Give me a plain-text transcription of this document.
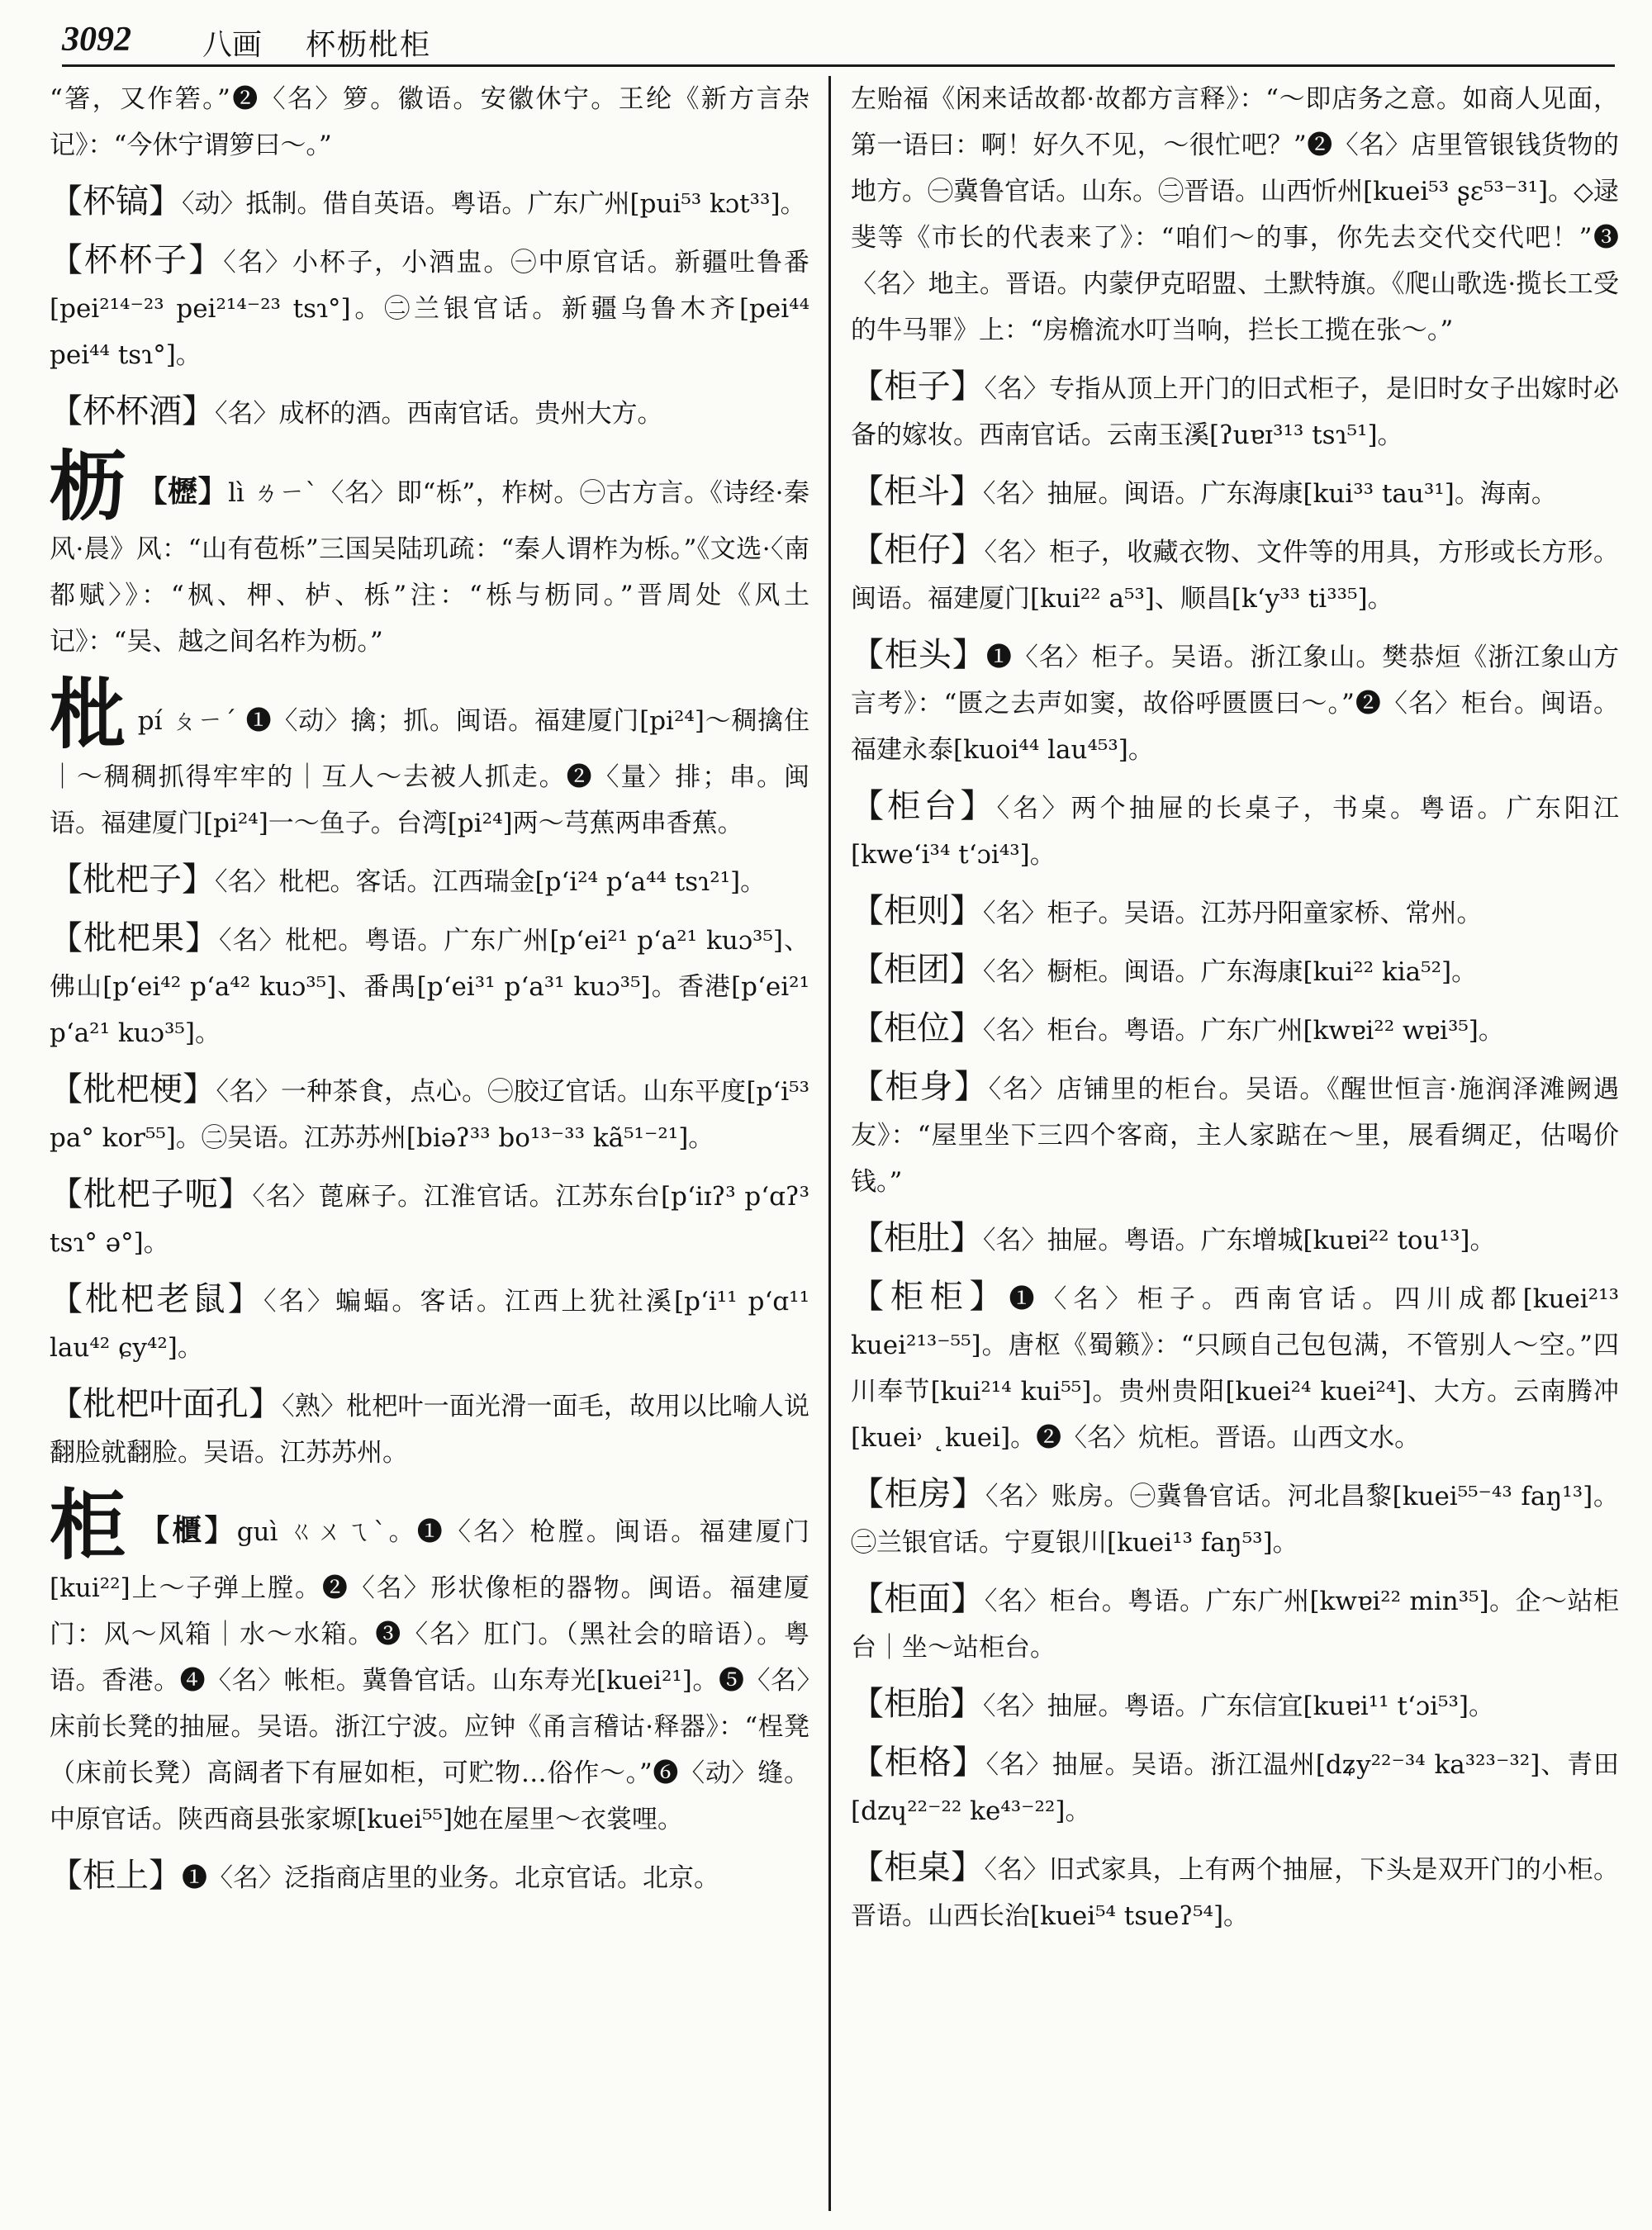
3092 八画 杯枥枇柜

“箸，又作箬。”❷〈名〉箩。徽语。安徽休宁。王纶《新方言杂记》：“今休宁谓箩曰～。”

【杯镐】〈动〉抵制。借自英语。粤语。广东广州[pui⁵³ kɔt³³]。

【杯杯子】〈名〉小杯子，小酒盅。㊀中原官话。新疆吐鲁番[pei²¹⁴⁻²³ pei²¹⁴⁻²³ tsɿ°]。㊁兰银官话。新疆乌鲁木齐[pei⁴⁴ pei⁴⁴ tsɿ°]。

【杯杯酒】〈名〉成杯的酒。西南官话。贵州大方。

枥 【櫪】lì ㄌㄧˋ〈名〉即“栎”，柞树。㊀古方言。《诗经·秦风·晨》风：“山有苞栎”三国吴陆玑疏：“秦人谓柞为栎。”《文选·〈南都赋〉》：“枫、柙、栌、栎”注：“栎与枥同。”晋周处《风土记》：“吴、越之间名柞为枥。”

枇pí ㄆㄧˊ ❶〈动〉擒；抓。闽语。福建厦门[pi²⁴]～稠擒住｜～稠稠抓得牢牢的｜互人～去被人抓走。❷〈量〉排；串。闽语。福建厦门[pi²⁴]一～鱼子。台湾[pi²⁴]两～芎蕉两串香蕉。

【枇杷子】〈名〉枇杷。客话。江西瑞金[p‘i²⁴ p‘a⁴⁴ tsɿ²¹]。

【枇杷果】〈名〉枇杷。粤语。广东广州[p‘ei²¹ p‘a²¹ kuɔ³⁵]、佛山[p‘ei⁴² p‘a⁴² kuɔ³⁵]、番禺[p‘ei³¹ p‘a³¹ kuɔ³⁵]。香港[p‘ei²¹ p‘a²¹ kuɔ³⁵]。

【枇杷梗】〈名〉一种茶食，点心。㊀胶辽官话。山东平度[p‘i⁵³ pa° kor⁵⁵]。㊁吴语。江苏苏州[biəʔ³³ bo¹³⁻³³ kã⁵¹⁻²¹]。

【枇杷子呃】〈名〉蓖麻子。江淮官话。江苏东台[p‘iɪʔ³ p‘ɑʔ³ tsɿ° ə°]。

【枇杷老鼠】〈名〉蝙蝠。客话。江西上犹社溪[p‘i¹¹ p‘ɑ¹¹ lau⁴² ɕy⁴²]。

【枇杷叶面孔】〈熟〉枇杷叶一面光滑一面毛，故用以比喻人说翻脸就翻脸。吴语。江苏苏州。

柜 【櫃】guì ㄍㄨㄟˋ。❶〈名〉枪膛。闽语。福建厦门[kui²²]上～子弹上膛。❷〈名〉形状像柜的器物。闽语。福建厦门：风～风箱｜水～水箱。❸〈名〉肛门。（黑社会的暗语）。粤语。香港。❹〈名〉帐柜。冀鲁官话。山东寿光[kuei²¹]。❺〈名〉床前长凳的抽屉。吴语。浙江宁波。应钟《甬言稽诂·释器》：“桯凳（床前长凳）高阔者下有屉如柜，可贮物…俗作～。”❻〈动〉缝。中原官话。陕西商县张家塬[kuei⁵⁵]她在屋里～衣裳哩。

【柜上】❶〈名〉泛指商店里的业务。北京官话。北京。

左贻福《闲来话故都·故都方言释》：“～即店务之意。如商人见面，第一语曰：啊！好久不见，～很忙吧？”❷〈名〉店里管银钱货物的地方。㊀冀鲁官话。山东。㊁晋语。山西忻州[kuei⁵³ ʂɛ⁵³⁻³¹]。◇逯斐等《市长的代表来了》：“咱们～的事，你先去交代交代吧！”❸〈名〉地主。晋语。内蒙伊克昭盟、土默特旗。《爬山歌选·揽长工受的牛马罪》上：“房檐流水叮当响，拦长工揽在张～。”

【柜子】〈名〉专指从顶上开门的旧式柜子，是旧时女子出嫁时必备的嫁妆。西南官话。云南玉溪[ʔuɐɪ³¹³ tsɿ⁵¹]。

【柜斗】〈名〉抽屉。闽语。广东海康[kui³³ tau³¹]。海南。

【柜仔】〈名〉柜子，收藏衣物、文件等的用具，方形或长方形。闽语。福建厦门[kui²² a⁵³]、顺昌[k‘y³³ ti³³⁵]。

【柜头】❶〈名〉柜子。吴语。浙江象山。樊恭烜《浙江象山方言考》：“匮之去声如窦，故俗呼匮匮曰～。”❷〈名〉柜台。闽语。福建永泰[kuoi⁴⁴ lau⁴⁵³]。

【柜台】〈名〉两个抽屉的长桌子，书桌。粤语。广东阳江[kwe‘i³⁴ t‘ɔi⁴³]。

【柜则】〈名〉柜子。吴语。江苏丹阳童家桥、常州。

【柜团】〈名〉橱柜。闽语。广东海康[kui²² kia⁵²]。

【柜位】〈名〉柜台。粤语。广东广州[kwɐi²² wɐi³⁵]。

【柜身】〈名〉店铺里的柜台。吴语。《醒世恒言·施润泽滩阙遇友》：“屋里坐下三四个客商，主人家踮在～里，展看绸疋，估喝价钱。”

【柜肚】〈名〉抽屉。粤语。广东增城[kuɐi²² tou¹³]。

【柜柜】❶〈名〉柜子。西南官话。四川成都[kuei²¹³ kuei²¹³⁻⁵⁵]。唐枢《蜀籁》：“只顾自己包包满，不管别人～空。”四川奉节[kui²¹⁴ kui⁵⁵]。贵州贵阳[kuei²⁴ kuei²⁴]、大方。云南腾冲[kuei˒ ˛kuei]。❷〈名〉炕柜。晋语。山西文水。

【柜房】〈名〉账房。㊀冀鲁官话。河北昌黎[kuei⁵⁵⁻⁴³ faŋ¹³]。㊁兰银官话。宁夏银川[kuei¹³ faŋ⁵³]。

【柜面】〈名〉柜台。粤语。广东广州[kwɐi²² min³⁵]。企～站柜台｜坐～站柜台。

【柜胎】〈名〉抽屉。粤语。广东信宜[kuɐi¹¹ t‘ɔi⁵³]。

【柜格】〈名〉抽屉。吴语。浙江温州[dʑy²²⁻³⁴ ka³²³⁻³²]、青田[dzɥ²²⁻²² ke⁴³⁻²²]。

【柜桌】〈名〉旧式家具，上有两个抽屉，下头是双开门的小柜。晋语。山西长治[kuei⁵⁴ tsueʔ⁵⁴]。
